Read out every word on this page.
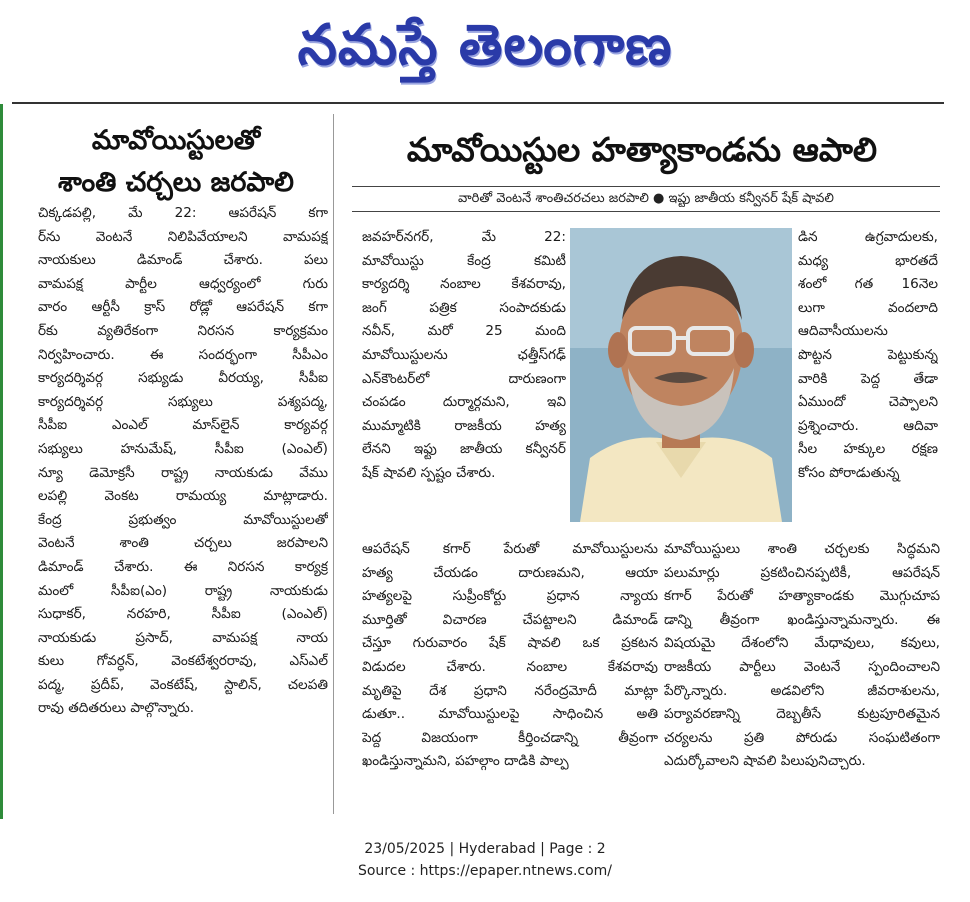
నమస్తే తెలంగాణ
మావోయిస్టులతో
శాంతి చర్చలు జరపాలి
చిక్కడపల్లి, మే 22: ఆపరేషన్ కగా
ర్‌ను వెంటనే నిలిపివేయాలని వామపక్ష
నాయకులు డిమాండ్ చేశారు. పలు
వామపక్ష పార్టీల ఆధ్వర్యంలో గురు
వారం ఆర్టీసీ క్రాస్ రోడ్లో ఆపరేషన్ కగా
ర్‌కు వ్యతిరేకంగా నిరసన కార్యక్రమం
నిర్వహించారు. ఈ సందర్భంగా సీపీఎం
కార్యదర్శివర్గ సభ్యుడు వీరయ్య, సీపీఐ
కార్యదర్శివర్గ సభ్యులు పశ్యపద్మ,
సీపీఐ ఎంఎల్ మాస్‌లైన్ కార్యవర్గ
సభ్యులు హనుమేష్, సీపీఐ (ఎంఎల్)
న్యూ డెమోక్రసీ రాష్ట్ర నాయకుడు వేము
లపల్లి వెంకట రామయ్య మాట్లాడారు.
కేంద్ర ప్రభుత్వం మావోయిస్టులతో
వెంటనే శాంతి చర్చలు జరపాలని
డిమాండ్ చేశారు. ఈ నిరసన కార్యక్ర
మంలో సీపీఐ(ఎం) రాష్ట్ర నాయకుడు
సుధాకర్, నరహరి, సీపీఐ (ఎంఎల్)
నాయకుడు ప్రసాద్, వామపక్ష నాయ
కులు గోవర్ధన్, వెంకటేశ్వరరావు, ఎస్ఎల్
పద్మ, ప్రదీప్, వెంకటేష్, స్టాలిన్, చలపతి
రావు తదితరులు పాల్గొన్నారు.
మావోయిస్టుల హత్యాకాండను ఆపాలి
వారితో వెంటనే శాంతిచరచలు జరపాలి ● ఇప్టు జాతీయ కన్వీనర్ షేక్ షావలి
జవహర్‌నగర్, మే 22:
మావోయిస్టు కేంద్ర కమిటీ
కార్యదర్శి నంబాల కేశవరావు,
జంగ్ పత్రిక సంపాదకుడు
నవీన్, మరో 25 మంది
మావోయిస్టులను ఛత్తీస్‌గఢ్
ఎన్‌కౌంటర్‌లో దారుణంగా
చంపడం దుర్మార్గమని, ఇవి
ముమ్మాటికి రాజకీయ హత్య
లేనని ఇఫ్టు జాతీయ కన్వీనర్
షేక్ షావలి స్పష్టం చేశారు.
డిన ఉగ్రవాదులకు,
మధ్య భారతదే
శంలో గత 16నెల
లుగా వందలాది
ఆదివాసీయులను
పొట్టన పెట్టుకున్న
వారికి పెద్ద తేడా
ఏముందో చెప్పాలని
ప్రశ్నించారు. ఆదివా
సీల హక్కుల రక్షణ
కోసం పోరాడుతున్న
ఆపరేషన్ కగార్ పేరుతో మావోయిస్టులను
హత్య చేయడం దారుణమని, ఆయా
హత్యలపై సుప్రీంకోర్టు ప్రధాన న్యాయ
మూర్తితో విచారణ చేపట్టాలని డిమాండ్
చేస్తూ గురువారం షేక్ షావలి ఒక ప్రకటన
విడుదల చేశారు. నంబాల కేశవరావు
మృతిపై దేశ ప్రధాని నరేంద్రమోదీ మాట్లా
డుతూ.. మావోయిస్టులపై సాధించిన అతి
పెద్ద విజయంగా కీర్తించడాన్ని తీవ్రంగా
ఖండిస్తున్నామని, పహల్గాం దాడికి పాల్ప
మావోయిస్టులు శాంతి చర్చలకు సిద్ధమని
పలుమార్లు ప్రకటించినప్పటికీ, ఆపరేషన్
కగార్ పేరుతో హత్యాకాండకు మొగ్గుచూప
డాన్ని తీవ్రంగా ఖండిస్తున్నామన్నారు. ఈ
విషయమై దేశంలోని మేధావులు, కవులు,
రాజకీయ పార్టీలు వెంటనే స్పందించాలని
పేర్కొన్నారు. అడవిలోని జీవరాశులను,
పర్యావరణాన్ని దెబ్బతీసే కుట్రపూరితమైన
చర్యలను ప్రతి పోరుడు సంఘటితంగా
ఎదుర్కోవాలని షావలి పిలుపునిచ్చారు.
23/05/2025 | Hyderabad | Page : 2
Source : https://epaper.ntnews.com/
